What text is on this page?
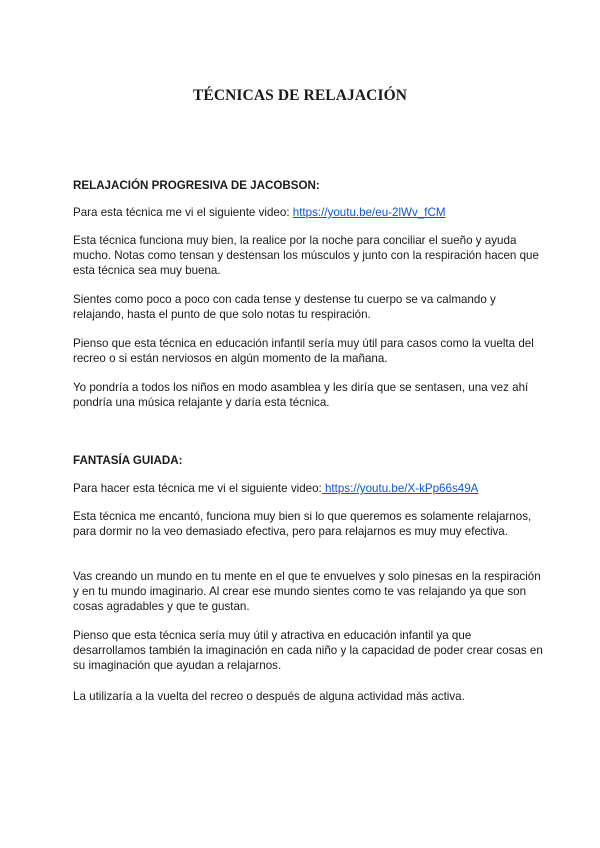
TÉCNICAS DE RELAJACIÓN

RELAJACIÓN PROGRESIVA DE JACOBSON:

Para esta técnica me vi el siguiente video: https://youtu.be/eu-2lWv_fCM

Esta técnica funciona muy bien, la realice por la noche para conciliar el sueño y ayuda mucho. Notas como tensan y destensan los músculos y junto con la respiración hacen que esta técnica sea muy buena.

Sientes como poco a poco con cada tense y destense tu cuerpo se va calmando y relajando, hasta el punto de que solo notas tu respiración.

Pienso que esta técnica en educación infantil sería muy útil para casos como la vuelta del recreo o si están nerviosos en algún momento de la mañana.

Yo pondría a todos los niños en modo asamblea y les diría que se sentasen, una vez ahí pondría una música relajante y daría esta técnica.

FANTASÍA GUIADA:

Para hacer esta técnica me vi el siguiente video: https://youtu.be/X-kPp66s49A

Esta técnica me encantó, funciona muy bien si lo que queremos es solamente relajarnos, para dormir no la veo demasiado efectiva, pero para relajarnos es muy muy efectiva.

Vas creando un mundo en tu mente en el que te envuelves y solo pinesas en la respiración y en tu mundo imaginario. Al crear ese mundo sientes como te vas relajando ya que son cosas agradables y que te gustan.

Pienso que esta técnica sería muy útil y atractiva en educación infantil ya que desarrollamos también la imaginación en cada niño y la capacidad de poder crear cosas en su imaginación que ayudan a relajarnos.

La utilizaría a la vuelta del recreo o después de alguna actividad más activa.
